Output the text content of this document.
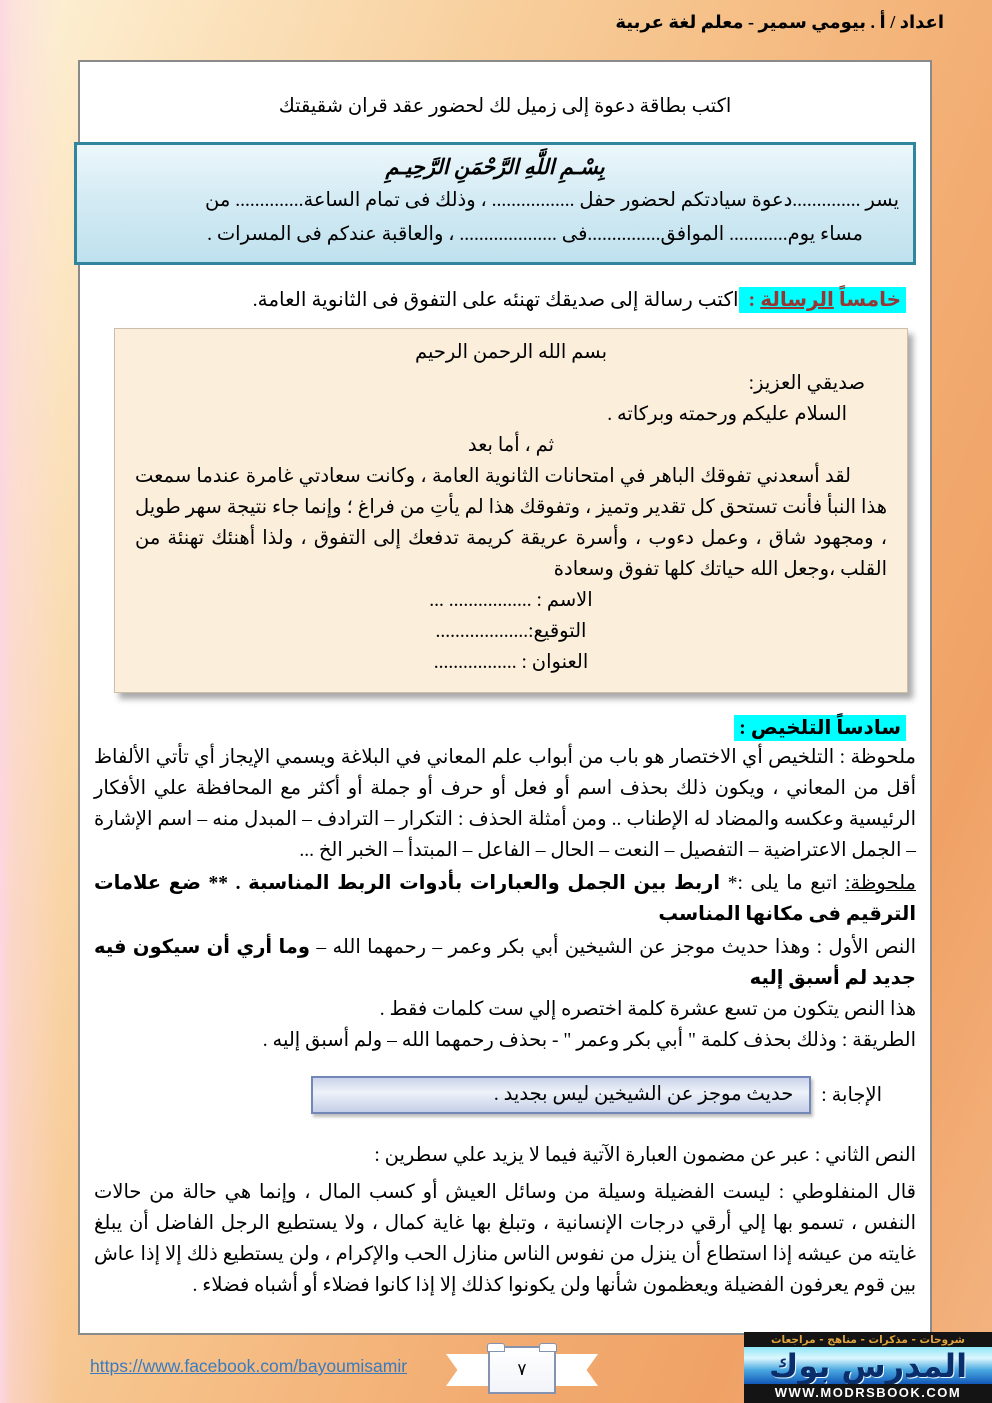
اعداد / أ . بيومي سمير - معلم لغة عربية
اكتب بطاقة دعوة إلى زميل لك لحضور عقد قران شقيقتك
بِسْـمِ اللَّهِ الرَّحْمَنِ الرَّحِيـمِ
يسر ..............دعوة سيادتكم لحضور حفل ................. ، وذلك فى تمام الساعة.............. من
مساء يوم............ الموافق...............فى .................... ، والعاقبة عندكم فى المسرات .
خامساً الرسالة : اكتب رسالة إلى صديقك تهنئه على التفوق فى الثانوية العامة.
بسم الله الرحمن الرحيم
صديقي العزيز:
السلام عليكم ورحمته وبركاته .
ثم ، أما بعد

لقد أسعدني تفوقك الباهر في امتحانات الثانوية العامة ، وكانت سعادتي غامرة عندما سمعت هذا النبأ فأنت تستحق كل تقدير وتميز ، وتفوقك هذا لم يأتِ من فراغ ؛ وإنما جاء نتيجة سهر طويل ، ومجهود شاق ، وعمل دءوب ، وأسرة عريقة كريمة تدفعك إلى التفوق ، ولذا أهنئك تهنئة من القلب ،وجعل الله حياتك كلها تفوق وسعادة

الاسم : ................. ...
التوقيع:...................
العنوان : .................
سادساً التلخيص :

ملحوظة : التلخيص أي الاختصار هو باب من أبواب علم المعاني في البلاغة ويسمي الإيجاز أي تأتي الألفاظ أقل من المعاني ، ويكون ذلك بحذف اسم أو فعل أو حرف أو جملة أو أكثر مع المحافظة علي الأفكار الرئيسية وعكسه والمضاد له الإطناب .. ومن أمثلة الحذف : التكرار – الترادف – المبدل منه – اسم الإشارة – الجمل الاعتراضية – التفصيل – النعت – الحال – الفاعل – المبتدأ – الخبر الخ ...

ملحوظة: اتبع ما يلى :* اربط بين الجمل والعبارات بأدوات الربط المناسبة . ** ضع علامات الترقيم فى مكانها المناسب

النص الأول : وهذا حديث موجز عن الشيخين أبي بكر وعمر – رحمهما الله – وما أري أن سيكون فيه جديد لم أسبق إليه

هذا النص يتكون من تسع عشرة كلمة اختصره إلي ست كلمات فقط .
الطريقة : وذلك بحذف كلمة " أبي بكر وعمر " - بحذف رحمهما الله – ولم أسبق إليه .
الإجابة :
حديث موجز عن الشيخين ليس بجديد .
النص الثاني : عبر عن مضمون العبارة الآتية فيما لا يزيد علي سطرين :

قال المنفلوطي : ليست الفضيلة وسيلة من وسائل العيش أو كسب المال ، وإنما هي حالة من حالات النفس ، تسمو بها إلي أرقي درجات الإنسانية ، وتبلغ بها غاية كمال ، ولا يستطيع الرجل الفاضل أن يبلغ غايته من عيشه إذا استطاع أن ينزل من نفوس الناس منازل الحب والإكرام ، ولن يستطيع ذلك إلا إذا عاش بين قوم يعرفون الفضيلة ويعظمون شأنها ولن يكونوا كذلك إلا إذا كانوا فضلاء أو أشباه فضلاء .

https://www.facebook.com/bayoumisamir	٧
شروحات - مذكرات - مناهج - مراجعات
المدرس بوك
WWW.MODRSBOOK.COM
